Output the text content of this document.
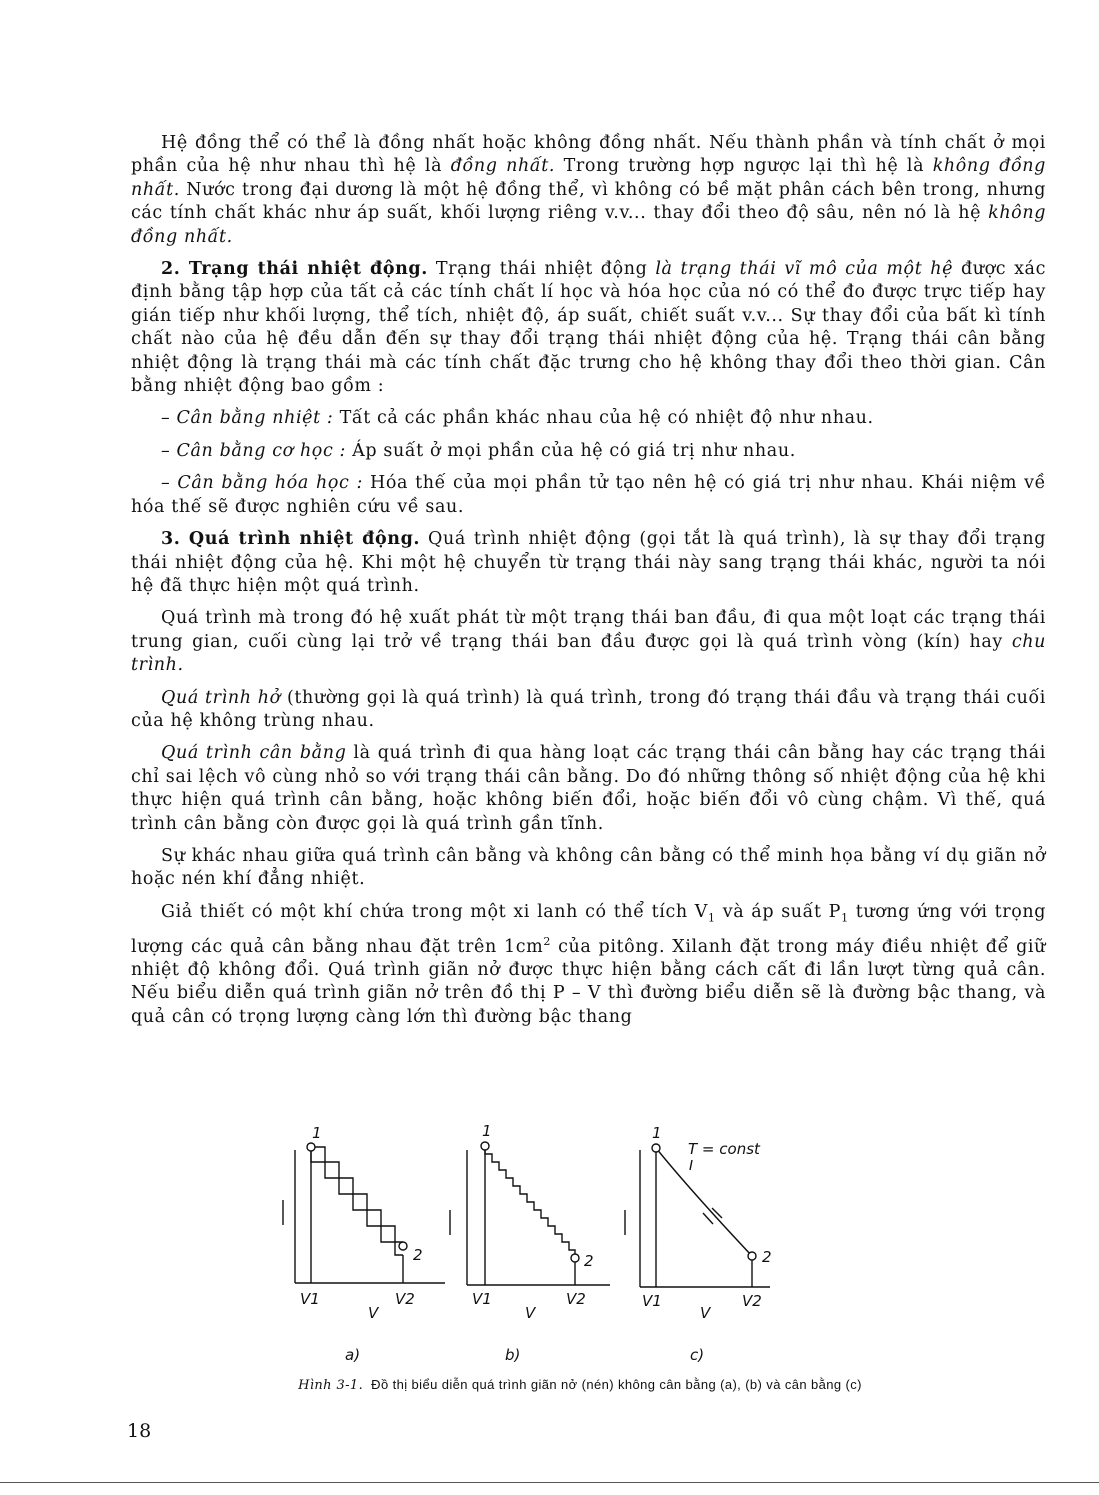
Hệ đồng thể có thể là đồng nhất hoặc không đồng nhất. Nếu thành phần và tính chất ở mọi phần của hệ như nhau thì hệ là đồng nhất. Trong trường hợp ngược lại thì hệ là không đồng nhất. Nước trong đại dương là một hệ đồng thể, vì không có bề mặt phân cách bên trong, nhưng các tính chất khác như áp suất, khối lượng riêng v.v... thay đổi theo độ sâu, nên nó là hệ không đồng nhất.

2. Trạng thái nhiệt động. Trạng thái nhiệt động là trạng thái vĩ mô của một hệ được xác định bằng tập hợp của tất cả các tính chất lí học và hóa học của nó có thể đo được trực tiếp hay gián tiếp như khối lượng, thể tích, nhiệt độ, áp suất, chiết suất v.v... Sự thay đổi của bất kì tính chất nào của hệ đều dẫn đến sự thay đổi trạng thái nhiệt động của hệ. Trạng thái cân bằng nhiệt động là trạng thái mà các tính chất đặc trưng cho hệ không thay đổi theo thời gian. Cân bằng nhiệt động bao gồm :

– Cân bằng nhiệt : Tất cả các phần khác nhau của hệ có nhiệt độ như nhau.

– Cân bằng cơ học : Áp suất ở mọi phần của hệ có giá trị như nhau.

– Cân bằng hóa học : Hóa thế của mọi phần tử tạo nên hệ có giá trị như nhau. Khái niệm về hóa thế sẽ được nghiên cứu về sau.

3. Quá trình nhiệt động. Quá trình nhiệt động (gọi tắt là quá trình), là sự thay đổi trạng thái nhiệt động của hệ. Khi một hệ chuyển từ trạng thái này sang trạng thái khác, người ta nói hệ đã thực hiện một quá trình.

Quá trình mà trong đó hệ xuất phát từ một trạng thái ban đầu, đi qua một loạt các trạng thái trung gian, cuối cùng lại trở về trạng thái ban đầu được gọi là quá trình vòng (kín) hay chu trình.

Quá trình hở (thường gọi là quá trình) là quá trình, trong đó trạng thái đầu và trạng thái cuối của hệ không trùng nhau.

Quá trình cân bằng là quá trình đi qua hàng loạt các trạng thái cân bằng hay các trạng thái chỉ sai lệch vô cùng nhỏ so với trạng thái cân bằng. Do đó những thông số nhiệt động của hệ khi thực hiện quá trình cân bằng, hoặc không biến đổi, hoặc biến đổi vô cùng chậm. Vì thế, quá trình cân bằng còn được gọi là quá trình gần tĩnh.

Sự khác nhau giữa quá trình cân bằng và không cân bằng có thể minh họa bằng ví dụ giãn nở hoặc nén khí đẳng nhiệt.

Giả thiết có một khí chứa trong một xi lanh có thể tích $V_1$ và áp suất $P_1$ tương ứng với trọng lượng các quả cân bằng nhau đặt trên $1cm^2$ của pitông. Xilanh đặt trong máy điều nhiệt để giữ nhiệt độ không đổi. Quá trình giãn nở được thực hiện bằng cách cất đi lần lượt từng quả cân. Nếu biểu diễn quá trình giãn nở trên đồ thị P – V thì đường biểu diễn sẽ là đường bậc thang, và quả cân có trọng lượng càng lớn thì đường bậc thang

1
2
V1	V2
V
a)
1
2
V1	V2
V
b)
1
T = const
2
V1	V2
V
c)
Hình 3-1. Đồ thị biểu diễn quá trình giãn nở (nén) không cân bằng (a), (b) và cân bằng (c)
18
